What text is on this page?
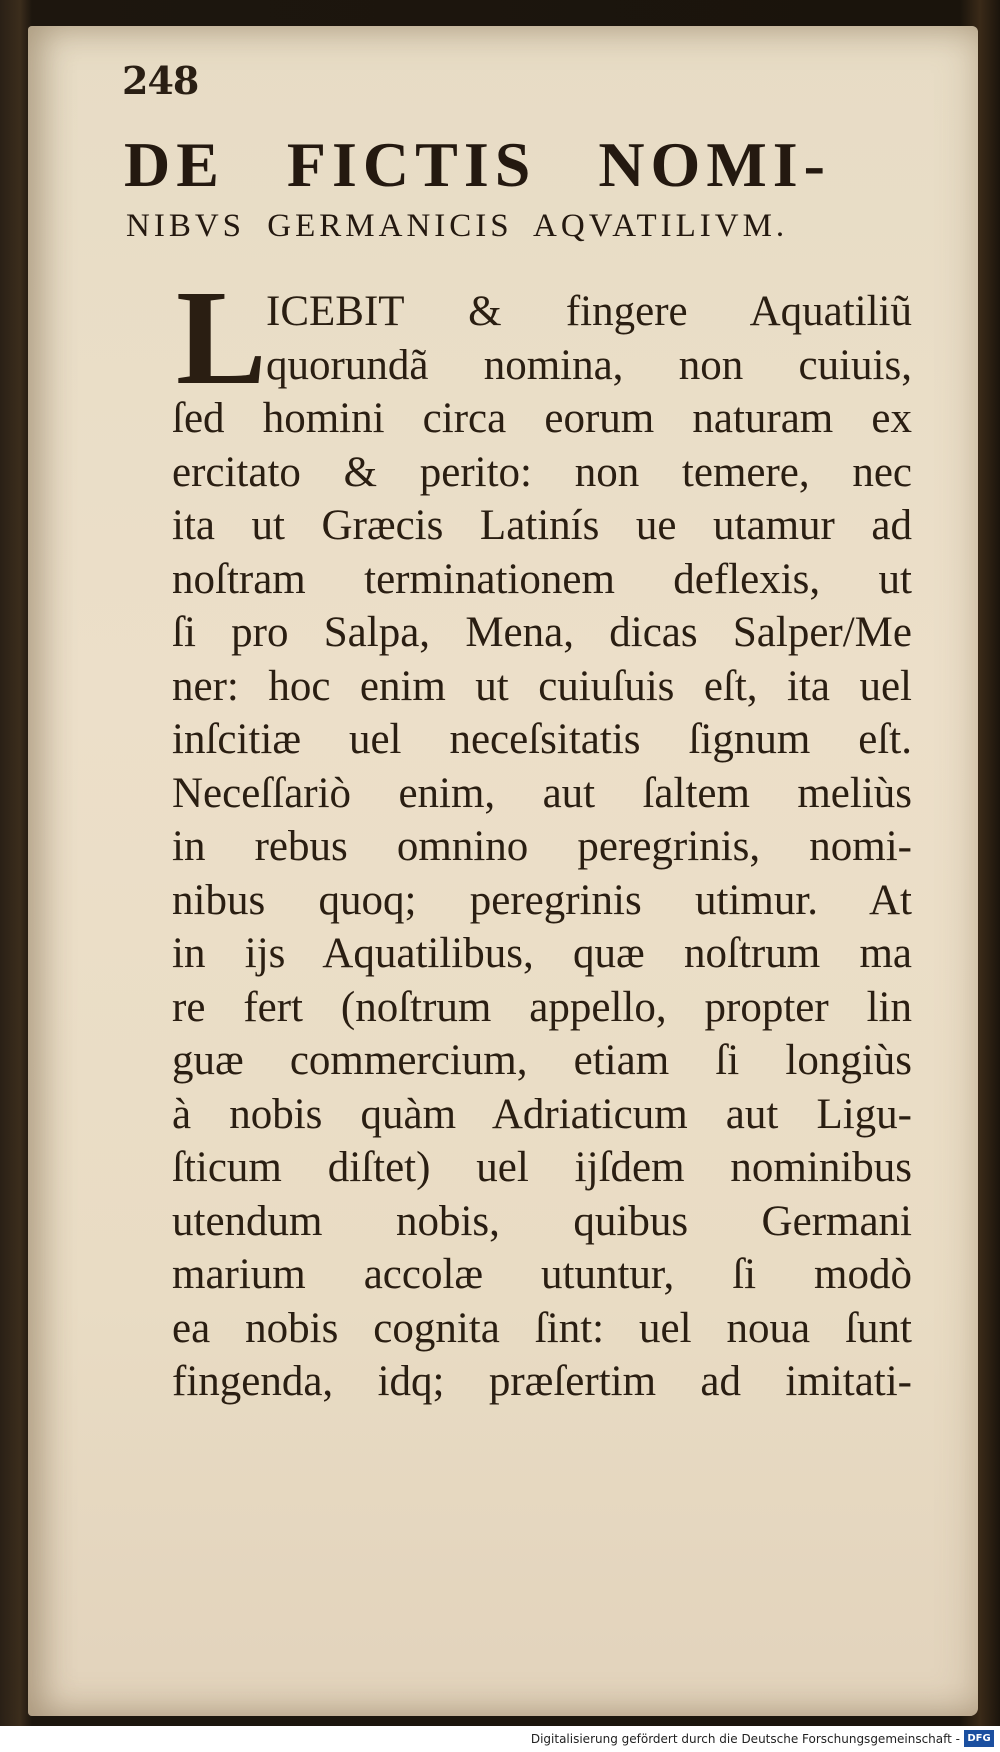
248
DE FICTIS NOMI-
NIBVS GERMANICIS AQVATILIVM.
L ICEBIT & fingere Aquatiliũ
quorundã nomina, non cuiuis,
ſed homini circa eorum naturam ex
ercitato & perito: non temere, nec
ita ut Græcis Latinís ue utamur ad
noſtram terminationem deflexis, ut
ſi pro Salpa, Mena, dicas Salper/Me
ner: hoc enim ut cuiuſuis eſt, ita uel
inſcitiæ uel neceſsitatis ſignum eſt.
Neceſſariò enim, aut ſaltem meliùs
in rebus omnino peregrinis, nomi-
nibus quoq; peregrinis utimur. At
in ijs Aquatilibus, quæ noſtrum ma
re fert (noſtrum appello, propter lin
guæ commercium, etiam ſi longiùs
à nobis quàm Adriaticum aut Ligu-
ſticum diſtet) uel ijſdem nominibus
utendum nobis, quibus Germani
marium accolæ utuntur, ſi modò
ea nobis cognita ſint: uel noua ſunt
fingenda, idq; præſertim ad imitati-
Digitalisierung gefördert durch die Deutsche Forschungsgemeinschaft - DFG
